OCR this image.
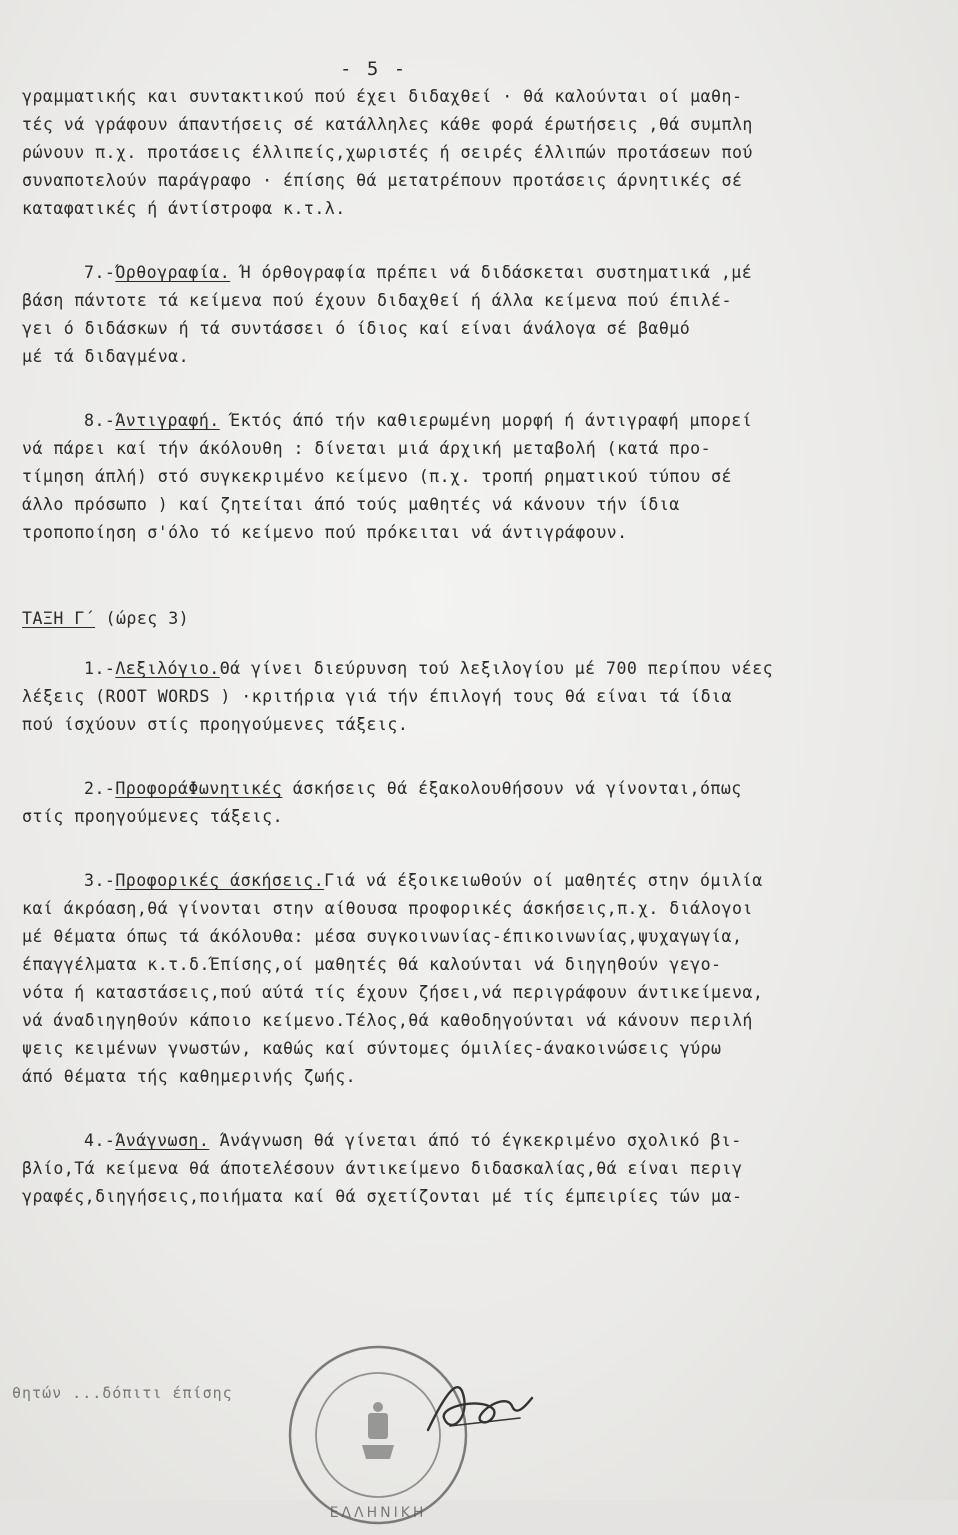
- 5 -

γραμματικής και συντακτικού πού έχει διδαχθεί · θά καλούνται οί μαθη-

τές νά γράφουν άπαντήσεις σέ κατάλληλες κάθε φορά έρωτήσεις ,θά συμπλη

ρώνουν π.χ. προτάσεις έλλιπείς,χωριστές ή σειρές έλλιπών προτάσεων πού

συναποτελούν παράγραφο · έπίσης θά μετατρέπουν προτάσεις άρνητικές σέ

καταφατικές ή άντίστροφα κ.τ.λ.

7.-Όρθογραφία. Ή όρθογραφία πρέπει νά διδάσκεται συστηματικά ,μέ

βάση πάντοτε τά κείμενα πού έχουν διδαχθεί ή άλλα κείμενα πού έπιλέ-

γει ό διδάσκων ή τά συντάσσει ό ίδιος καί είναι άνάλογα σέ βαθμό

μέ τά διδαγμένα.

8.-Άντιγραφή. Έκτός άπό τήν καθιερωμένη μορφή ή άντιγραφή μπορεί

νά πάρει καί τήν άκόλουθη : δίνεται μιά άρχική μεταβολή (κατά προ-

τίμηση άπλή) στό συγκεκριμένο κείμενο (π.χ. τροπή ρηματικού τύπου σέ

άλλο πρόσωπο ) καί ζητείται άπό τούς μαθητές νά κάνουν τήν ίδια

τροποποίηση σ'όλο τό κείμενο πού πρόκειται νά άντιγράφουν.

ΤΑΞΗ Γ΄ (ώρες 3)

1.-Λεξιλόγιο.Θά γίνει διεύρυνση τού λεξιλογίου μέ 700 περίπου νέες

λέξεις (ROOT WORDS ) ·κριτήρια γιά τήν έπιλογή τους θά είναι τά ίδια

πού ίσχύουν στίς προηγούμενες τάξεις.

2.-ΠροφοράΦωνητικές άσκήσεις θά έξακολουθήσουν νά γίνονται,όπως

στίς προηγούμενες τάξεις.

3.-Προφορικές άσκήσεις.Γιά νά έξοικειωθούν οί μαθητές στην όμιλία

καί άκρόαση,θά γίνονται στην αίθουσα προφορικές άσκήσεις,π.χ. διάλογοι

μέ θέματα όπως τά άκόλουθα: μέσα συγκοινωνίας-έπικοινωνίας,ψυχαγωγία,

έπαγγέλματα κ.τ.δ.Έπίσης,οί μαθητές θά καλούνται νά διηγηθούν γεγο-

νότα ή καταστάσεις,πού αύτά τίς έχουν ζήσει,νά περιγράφουν άντικείμενα,

νά άναδιηγηθούν κάποιο κείμενο.Τέλος,θά καθοδηγούνται νά κάνουν περιλή

ψεις κειμένων γνωστών, καθώς καί σύντομες όμιλίες-άνακοινώσεις γύρω

άπό θέματα τής καθημερινής ζωής.

4.-Άνάγνωση. Άνάγνωση θά γίνεται άπό τό έγκεκριμένο σχολικό βι-

βλίο,Τά κείμενα θά άποτελέσουν άντικείμενο διδασκαλίας,θά είναι περιγ

γραφές,διηγήσεις,ποιήματα καί θά σχετίζονται μέ τίς έμπειρίες τών μα-

θητών ...δόπιτι έπίσης
ΕΛΛΗΝΙΚΗ
